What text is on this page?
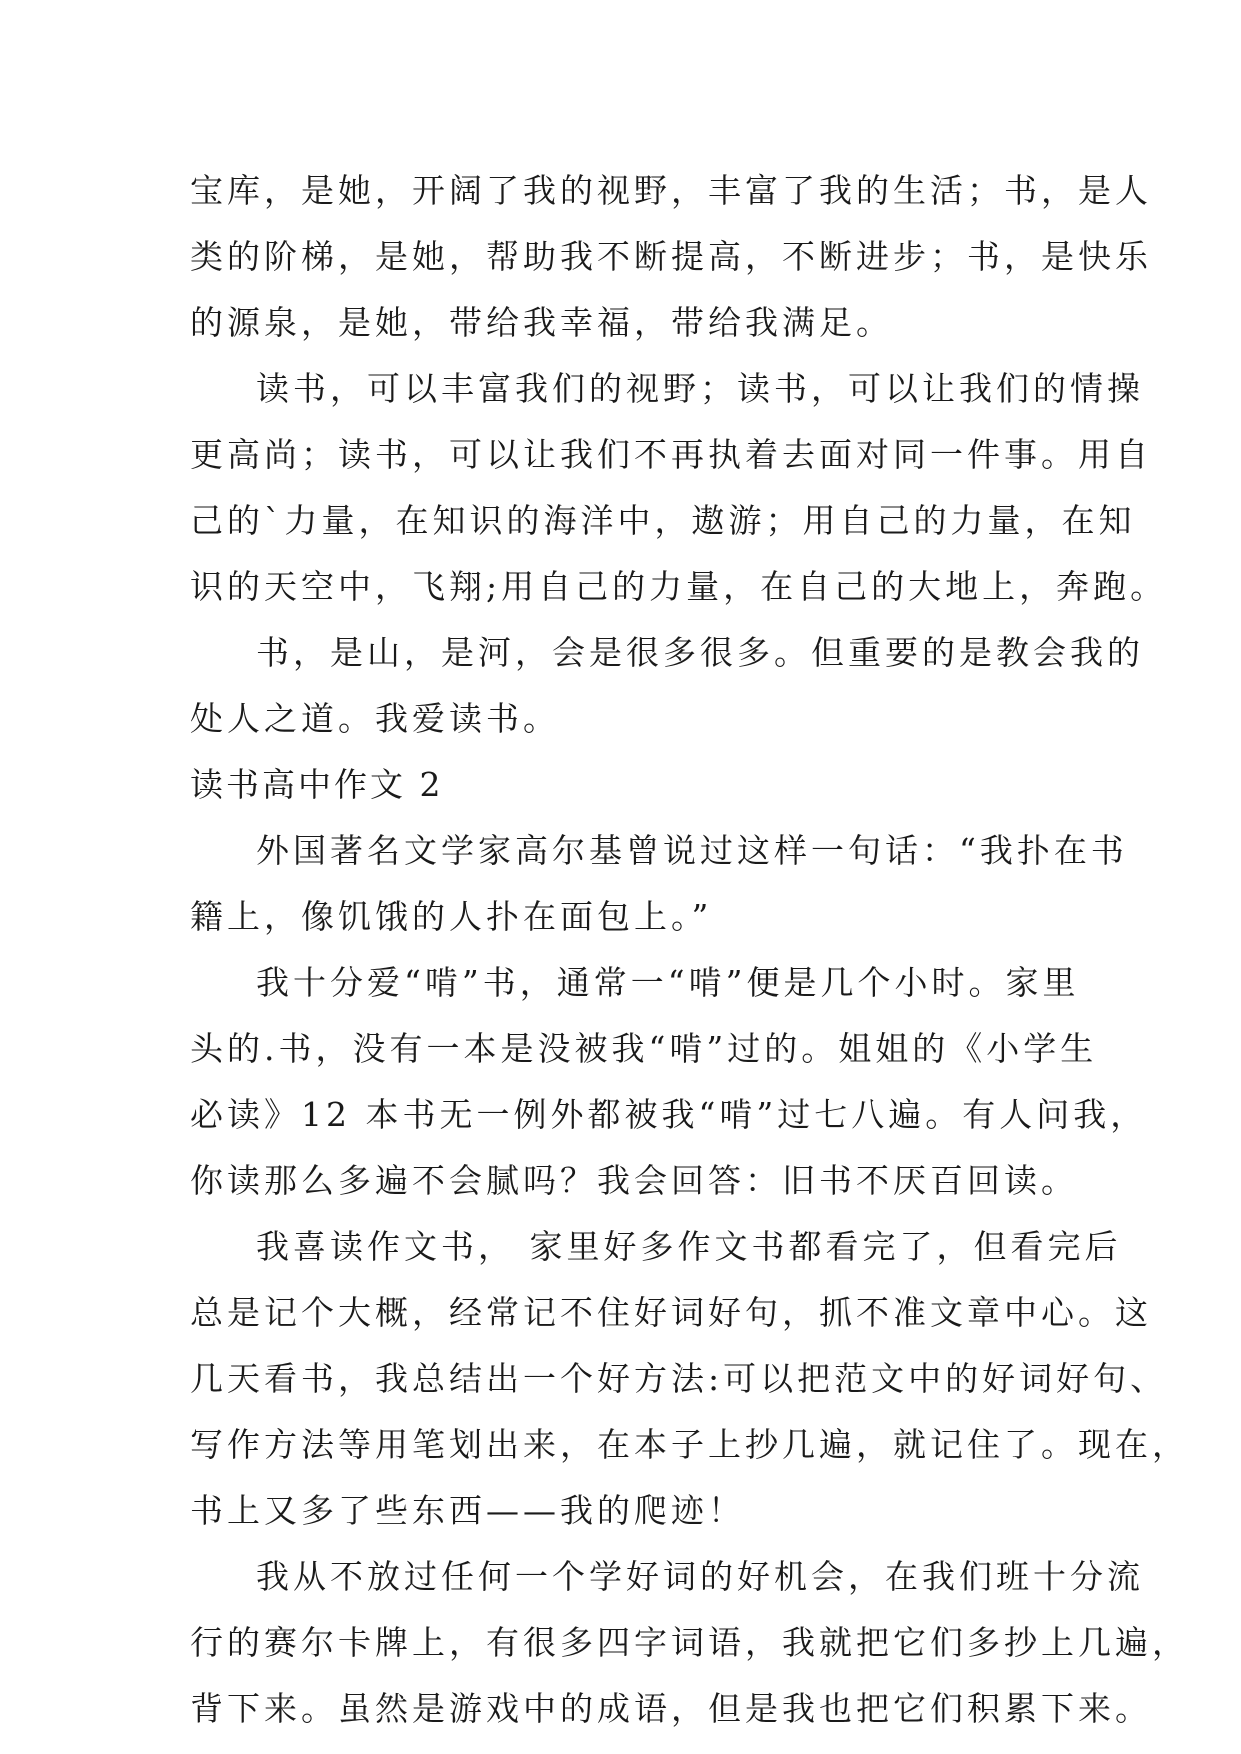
宝库，是她，开阔了我的视野，丰富了我的生活；书，是人
类的阶梯，是她，帮助我不断提高，不断进步；书，是快乐
的源泉，是她，带给我幸福，带给我满足。
读书，可以丰富我们的视野；读书，可以让我们的情操
更高尚；读书，可以让我们不再执着去面对同一件事。用自
己的`力量，在知识的海洋中，遨游；用自己的力量，在知
识的天空中，飞翔;用自己的力量，在自己的大地上，奔跑。
书，是山，是河，会是很多很多。但重要的是教会我的
处人之道。我爱读书。
读书高中作文 2
外国著名文学家高尔基曾说过这样一句话：“我扑在书
籍上，像饥饿的人扑在面包上。”
我十分爱“啃”书，通常一“啃”便是几个小时。家里
头的.书，没有一本是没被我“啃”过的。姐姐的《小学生
必读》12 本书无一例外都被我“啃”过七八遍。有人问我，
你读那么多遍不会腻吗？我会回答：旧书不厌百回读。
我喜读作文书， 家里好多作文书都看完了，但看完后
总是记个大概，经常记不住好词好句，抓不准文章中心。这
几天看书，我总结出一个好方法:可以把范文中的好词好句、
写作方法等用笔划出来，在本子上抄几遍，就记住了。现在，
书上又多了些东西——我的爬迹！
我从不放过任何一个学好词的好机会，在我们班十分流
行的赛尔卡牌上，有很多四字词语，我就把它们多抄上几遍，
背下来。虽然是游戏中的成语，但是我也把它们积累下来。
